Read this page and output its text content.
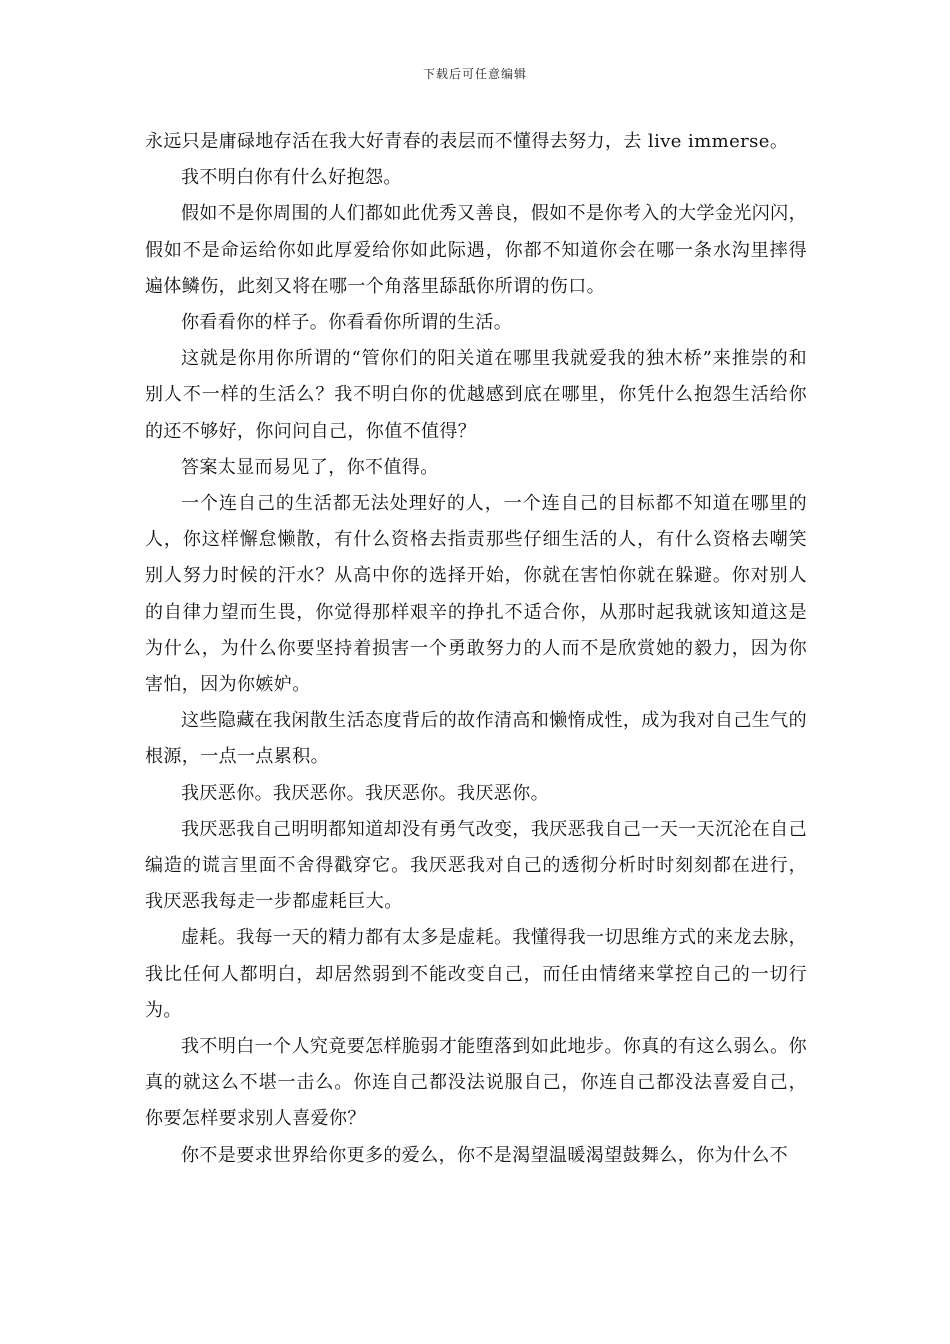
下载后可任意编辑

永远只是庸碌地存活在我大好青春的表层而不懂得去努力，去 live immerse。

我不明白你有什么好抱怨。

假如不是你周围的人们都如此优秀又善良，假如不是你考入的大学金光闪闪，假如不是命运给你如此厚爱给你如此际遇，你都不知道你会在哪一条水沟里摔得遍体鳞伤，此刻又将在哪一个角落里舔舐你所谓的伤口。

你看看你的样子。你看看你所谓的生活。

这就是你用你所谓的“管你们的阳关道在哪里我就爱我的独木桥”来推崇的和别人不一样的生活么？我不明白你的优越感到底在哪里，你凭什么抱怨生活给你的还不够好，你问问自己，你值不值得？

答案太显而易见了，你不值得。

一个连自己的生活都无法处理好的人，一个连自己的目标都不知道在哪里的人，你这样懈怠懒散，有什么资格去指责那些仔细生活的人，有什么资格去嘲笑别人努力时候的汗水？从高中你的选择开始，你就在害怕你就在躲避。你对别人的自律力望而生畏，你觉得那样艰辛的挣扎不适合你，从那时起我就该知道这是为什么，为什么你要坚持着损害一个勇敢努力的人而不是欣赏她的毅力，因为你害怕，因为你嫉妒。

这些隐藏在我闲散生活态度背后的故作清高和懒惰成性，成为我对自己生气的根源，一点一点累积。

我厌恶你。我厌恶你。我厌恶你。我厌恶你。

我厌恶我自己明明都知道却没有勇气改变，我厌恶我自己一天一天沉沦在自己编造的谎言里面不舍得戳穿它。我厌恶我对自己的透彻分析时时刻刻都在进行，我厌恶我每走一步都虚耗巨大。

虚耗。我每一天的精力都有太多是虚耗。我懂得我一切思维方式的来龙去脉，我比任何人都明白，却居然弱到不能改变自己，而任由情绪来掌控自己的一切行为。

我不明白一个人究竟要怎样脆弱才能堕落到如此地步。你真的有这么弱么。你真的就这么不堪一击么。你连自己都没法说服自己，你连自己都没法喜爱自己，你要怎样要求别人喜爱你？

你不是要求世界给你更多的爱么，你不是渴望温暖渴望鼓舞么，你为什么不
